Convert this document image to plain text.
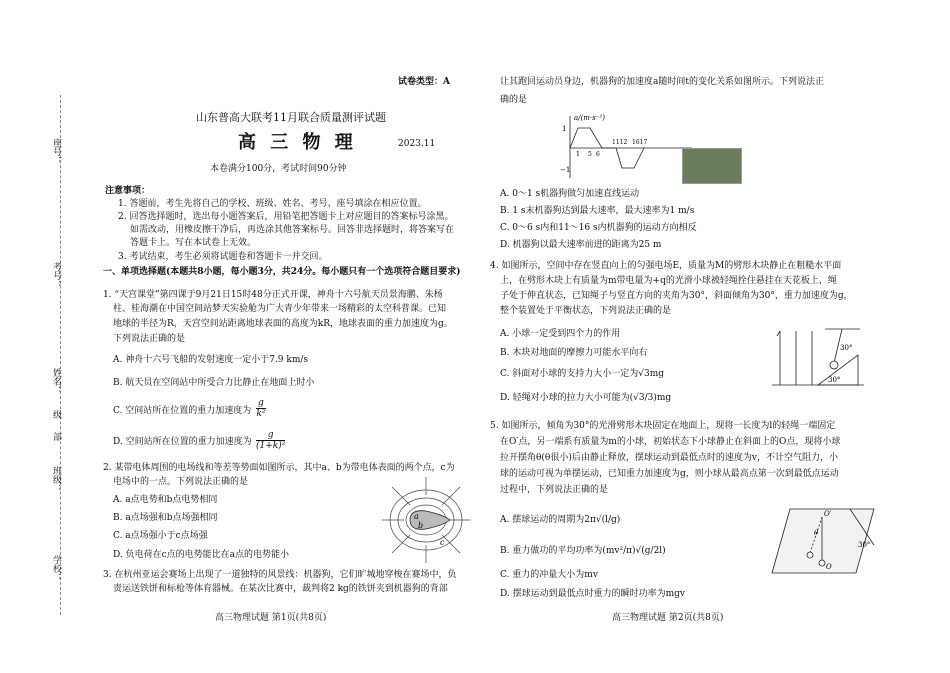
座号：
考号：
姓名：
级
部
班级：
学校：
试卷类型：A
山东普高大联考11月联合质量测评试题
高 三 物 理	2023.11
本卷满分100分，考试时间90分钟
注意事项：
1. 答题前，考生先将自己的学校、班级、姓名、考号、座号填涂在相应位置。
2. 回答选择题时，选出每小题答案后，用铅笔把答题卡上对应题目的答案标号涂黑。
如需改动，用橡皮擦干净后，再选涂其他答案标号。回答非选择题时，将答案写在
答题卡上。写在本试卷上无效。
3. 考试结束，考生必须将试题卷和答题卡一并交回。
一、单项选择题(本题共8小题，每小题3分，共24分。每小题只有一个选项符合题目要求)
1. “天宫课堂”第四课于9月21日15时48分正式开课，神舟十六号航天员景海鹏、朱杨
柱、桂海潮在中国空间站梦天实验舱为广大青少年带来一场精彩的太空科普课。已知
地球的半径为R，天宫空间站距离地球表面的高度为kR，地球表面的重力加速度为g。
下列说法正确的是
A. 神舟十六号飞船的发射速度一定小于7.9 km/s
B. 航天员在空间站中所受合力比静止在地面上时小
C. 空间站所在位置的重力加速度为
g
k²
D. 空间站所在位置的重力加速度为
g
(1+k)²
2. 某带电体周围的电场线和等差等势面如图所示，其中a、b为带电体表面的两个点，c为
电场中的一点。下列说法正确的是
A. a点电势和b点电势相同
B. a点场强和b点场强相同
C. a点场强小于c点场强
D. 负电荷在c点的电势能比在a点的电势能小
a
b
c
3. 在杭州亚运会赛场上出现了一道独特的风景线：机器狗，它们旷城地穿梭在赛场中，负
责运送铁饼和标枪等体育器械。在某次比赛中，裁判将2 kg的铁饼夹到机器狗的背部
高三物理试题 第1页(共8页)
让其跑回运动员身边，机器狗的加速度a随时间t的变化关系如图所示。下列说法正
确的是
a/(m·s⁻²)
1
−1
1 5 6
1112 1617
A. 0～1 s机器狗做匀加速直线运动
B. 1 s末机器狗达到最大速率，最大速率为1 m/s
C. 0～6 s内和11～16 s内机器狗的运动方向相反
D. 机器狗以最大速率前进的距离为25 m
4. 如图所示，空间中存在竖直向上的匀强电场E，质量为M的劈形木块静止在粗糙水平面
上，在劈形木块上有质量为m带电量为+q的光滑小球被轻绳拴住悬挂在天花板上，绳
子处于伸直状态，已知绳子与竖直方向的夹角为30°，斜面倾角为30°，重力加速度为g，
整个装置处于平衡状态，下列说法正确的是
A. 小球一定受到四个力的作用
B. 木块对地面的摩擦力可能水平向右
C. 斜面对小球的支持力大小一定为√3mg
D. 轻绳对小球的拉力大小可能为(√3/3)mg
30°
30°
5. 如图所示，倾角为30°的光滑劈形木块固定在地面上，现将一长度为l的轻绳一端固定
在O′点，另一端系有质量为m的小球，初始状态下小球静止在斜面上的O点，现将小球
拉开摆角θ(θ很小)后由静止释放，摆球运动到最低点时的速度为v，不计空气阻力，小
球的运动可视为单摆运动，已知重力加速度为g，则小球从最高点第一次到最低点运动
过程中，下列说法正确的是
A. 摆球运动的周期为2π√(l/g)
B. 重力做功的平均功率为(mv²/π)√(g/2l)
C. 重力的冲量大小为mv
D. 摆球运动到最低点时重力的瞬时功率为mgv
O′
θ
O
30°
高三物理试题 第2页(共8页)
